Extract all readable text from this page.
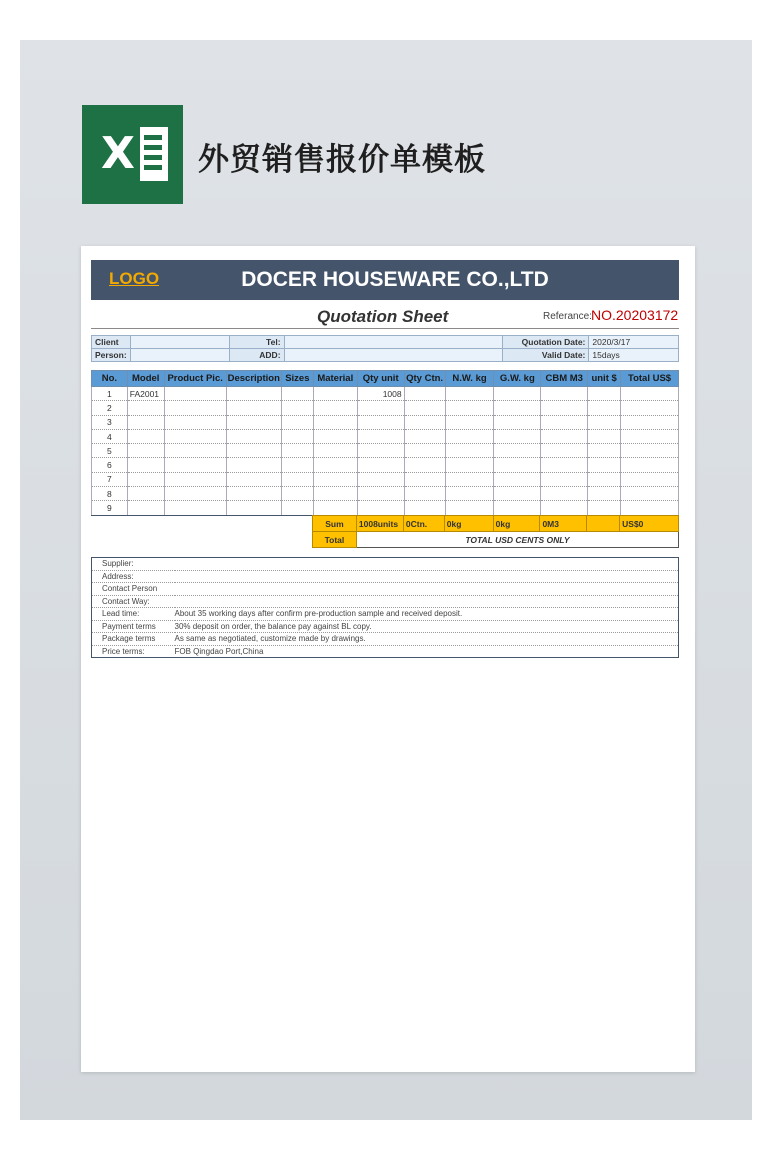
X 外贸销售报价单模板
LOGO	DOCER HOUSEWARE CO.,LTD
Quotation Sheet	Referance: NO.20203172
Client		Tel:		Quotation Date:	2020/3/17
Person:		ADD:		Valid Date:	15days
No.	Model	Product Pic.	Description	Sizes	Material	Qty unit	Qty Ctn.	N.W. kg	G.W. kg	CBM M3	unit $	Total US$
1	FA2001					1008						
2												
3												
4												
5												
6												
7												
8												
9												
Sum	1008units	0Ctn.	0kg	0kg	0M3		US$0
Total	TOTAL USD CENTS ONLY						
Supplier:	
Address:	
Contact Person	
Contact Way:	
Lead time:	About 35 working days after confirm pre-production sample and received deposit.
Payment terms	30% deposit on order, the balance pay against BL copy.
Package terms	As same as negotiated, customize made by drawings.
Price terms:	FOB Qingdao Port,China
